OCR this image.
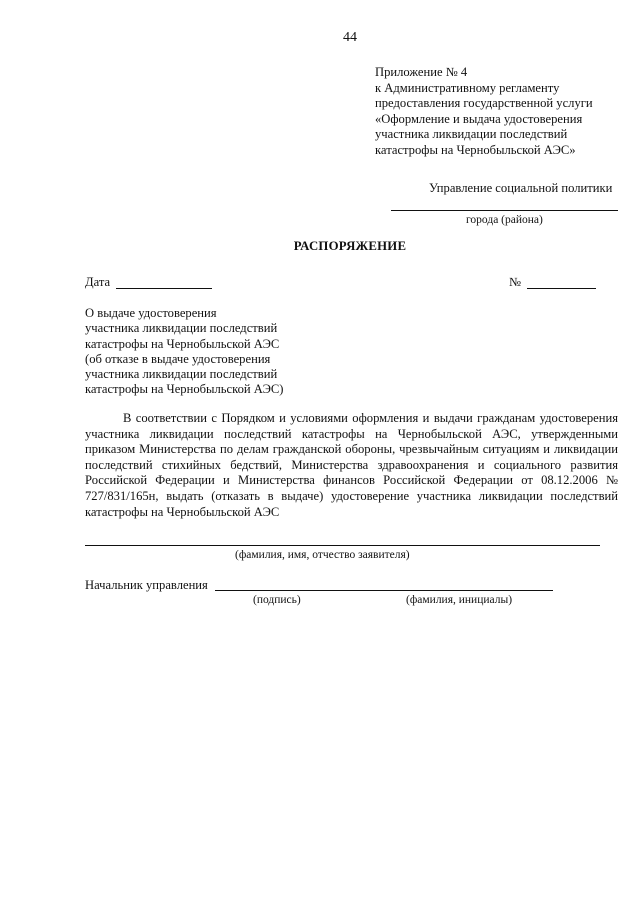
44
Приложение № 4
к Административному регламенту
предоставления государственной услуги
«Оформление и выдача удостоверения
участника ликвидации последствий
катастрофы на Чернобыльской АЭС»
Управление социальной политики
города (района)
РАСПОРЯЖЕНИЕ
Дата	№
О выдаче удостоверения
участника ликвидации последствий
катастрофы на Чернобыльской АЭС
(об отказе в выдаче удостоверения
участника ликвидации последствий
катастрофы на Чернобыльской АЭС)
В соответствии с Порядком и условиями оформления и выдачи гражданам удостоверения участника ликвидации последствий катастрофы на Чернобыльской АЭС, утвержденными приказом Министерства по делам гражданской обороны, чрезвычайным ситуациям и ликвидации последствий стихийных бедствий, Министерства здравоохранения и социального развития Российской Федерации и Министерства финансов Российской Федерации от 08.12.2006 № 727/831/165н, выдать (отказать в выдаче) удостоверение участника ликвидации последствий катастрофы на Чернобыльской АЭС
(фамилия, имя, отчество заявителя)
Начальник управления
(подпись)	(фамилия, инициалы)
